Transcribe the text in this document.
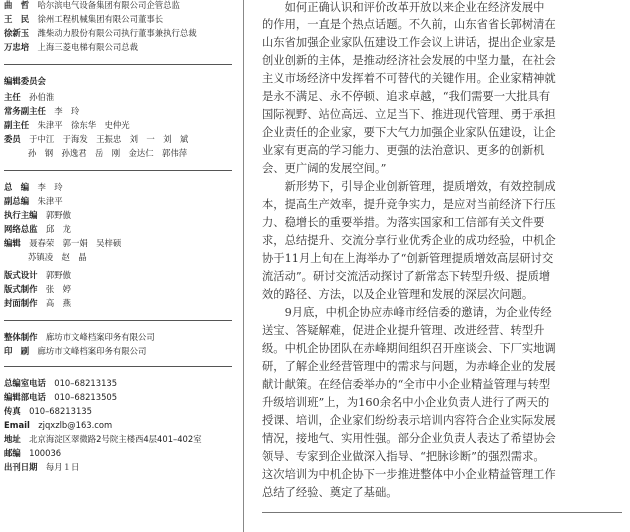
曲　哲　 哈尔滨电气设备集团有限公司企管总监
王　民　 徐州工程机械集团有限公司董事长
徐新玉　 潍柴动力股份有限公司执行董事兼执行总裁
万忠培　 上海三菱电梯有限公司总裁
编辑委员会
主任　 孙伯淮
常务副主任　 李　玲
副主任　 朱津平　徐东华　史仲光
委员　 于中江　于海发　王振忠　刘　一　刘　斌
孙　钢　孙逸君　岳　刚　金达仁　郭伟萍
总　编　 李　玲
副总编　 朱津平
执行主编　 郭野傲
网络总监　 邱　龙
编辑　 聂春荣　郭一娟　吴梓硕
苏镇凌　赵　晶
版式设计　 郭野傲
版式制作　 张　婷
封面制作　 高　燕
整体制作　 廊坊市文峰档案印务有限公司
印　刷　 廊坊市文峰档案印务有限公司
总编室电话　 010–68213135
编辑部电话　 010–68213505
传真　 010–68213135
Email　 zjqxzlb@163.com
地址　 北京海淀区翠微路2号院主楼西4层401–402室
邮编　 100036
出刊日期　 每月１日
　　如何正确认识和评价改革开放以来企业在经济发展中
的作用，一直是个热点话题。不久前，山东省省长郭树清在
山东省加强企业家队伍建设工作会议上讲话，提出企业家是
创业创新的主体，是推动经济社会发展的中坚力量，在社会
主义市场经济中发挥着不可替代的关键作用。企业家精神就
是永不满足、永不停顿、追求卓越，“我们需要一大批具有
国际视野、站位高远、立足当下、推进现代管理、勇于承担
企业责任的企业家，要下大气力加强企业家队伍建设，让企
业家有更高的学习能力、更强的法治意识、更多的创新机
会、更广阔的发展空间。”
　　新形势下，引导企业创新管理，提质增效，有效控制成
本，提高生产效率，提升竞争实力，是应对当前经济下行压
力、稳增长的重要举措。为落实国家和工信部有关文件要
求，总结提升、交流分享行业优秀企业的成功经验，中机企
协于11月上旬在上海举办了“创新管理提质增效高层研讨交
流活动”。研讨交流活动探讨了新常态下转型升级、提质增
效的路径、方法，以及企业管理和发展的深层次问题。
　　9月底，中机企协应赤峰市经信委的邀请，为企业传经
送宝、答疑解难，促进企业提升管理、改进经营、转型升
级。中机企协团队在赤峰期间组织召开座谈会、下厂实地调
研，了解企业经营管理中的需求与问题，为赤峰企业的发展
献计献策。在经信委举办的“全市中小企业精益管理与转型
升级培训班”上，为160余名中小企业负责人进行了两天的
授课、培训，企业家们纷纷表示培训内容符合企业实际发展
情况，接地气、实用性强。部分企业负责人表达了希望协会
领导、专家到企业做深入指导、“把脉诊断”的强烈需求。
这次培训为中机企协下一步推进整体中小企业精益管理工作
总结了经验、奠定了基础。
